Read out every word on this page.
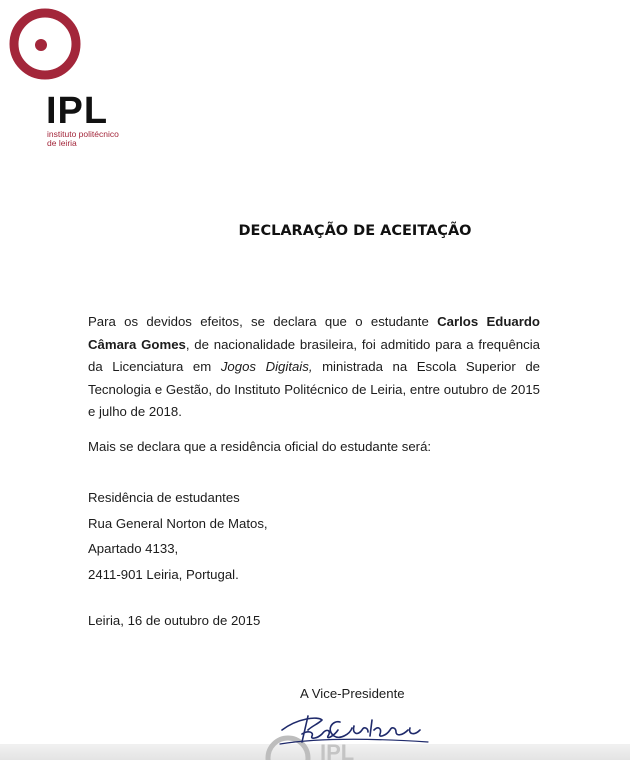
IPL
instituto politécnico
de leiria
DECLARAÇÃO DE ACEITAÇÃO
Para os devidos efeitos, se declara que o estudante Carlos Eduardo Câmara Gomes, de nacionalidade brasileira, foi admitido para a frequência da Licenciatura em Jogos Digitais, ministrada na Escola Superior de Tecnologia e Gestão, do Instituto Politécnico de Leiria, entre outubro de 2015 e julho de 2018.
Mais se declara que a residência oficial do estudante será:
Residência de estudantes
Rua General Norton de Matos,
Apartado 4133,
2411-901 Leiria, Portugal.
Leiria, 16 de outubro de 2015
A Vice-Presidente
IPL
